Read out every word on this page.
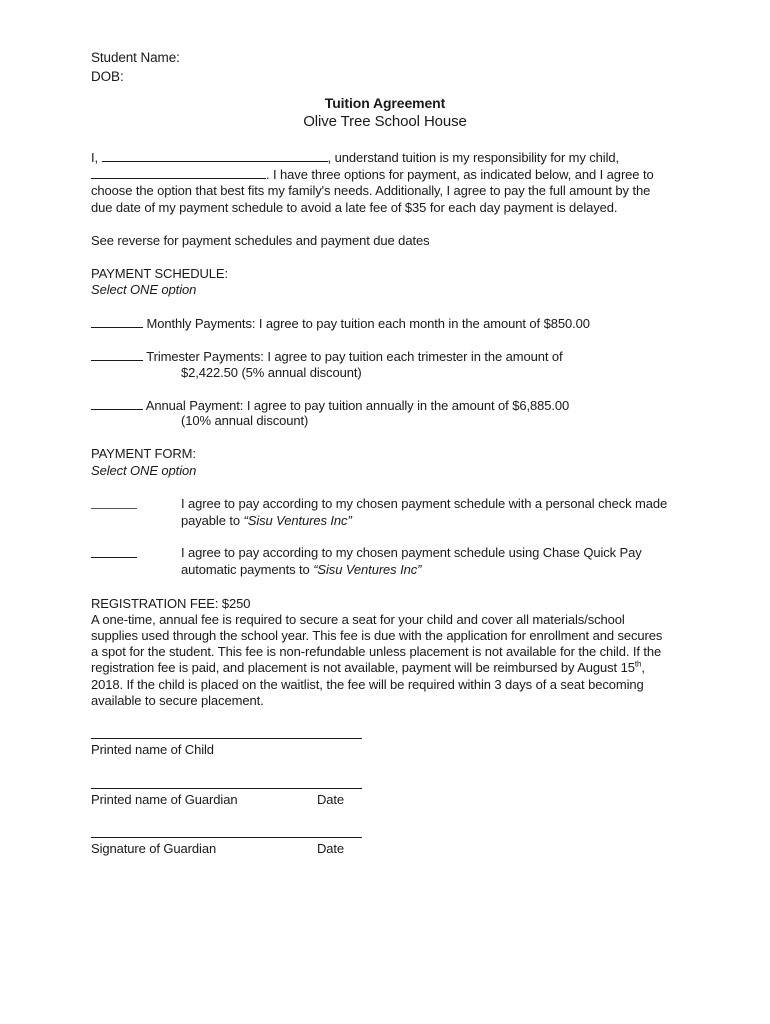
Student Name:
DOB:
Tuition Agreement
Olive Tree School House
I,	, understand tuition is my responsibility for my child,
. I have three options for payment, as indicated below, and I agree to
choose the option that best fits my family's needs. Additionally, I agree to pay the full amount by the
due date of my payment schedule to avoid a late fee of $35 for each day payment is delayed.
See reverse for payment schedules and payment due dates
PAYMENT SCHEDULE:
Select ONE option
Monthly Payments: I agree to pay tuition each month in the amount of $850.00
Trimester Payments: I agree to pay tuition each trimester in the amount of
$2,422.50 (5% annual discount)
Annual Payment: I agree to pay tuition annually in the amount of $6,885.00
(10% annual discount)
PAYMENT FORM:
Select ONE option
I agree to pay according to my chosen payment schedule with a personal check made
payable to “Sisu Ventures Inc”
I agree to pay according to my chosen payment schedule using Chase Quick Pay
automatic payments to “Sisu Ventures Inc”
REGISTRATION FEE: $250
A one-time, annual fee is required to secure a seat for your child and cover all materials/school
supplies used through the school year. This fee is due with the application for enrollment and secures
a spot for the student. This fee is non-refundable unless placement is not available for the child. If the
registration fee is paid, and placement is not available, payment will be reimbursed by August 15th,
2018. If the child is placed on the waitlist, the fee will be required within 3 days of a seat becoming
available to secure placement.
Printed name of Child
Printed name of Guardian	Date
Signature of Guardian	Date
